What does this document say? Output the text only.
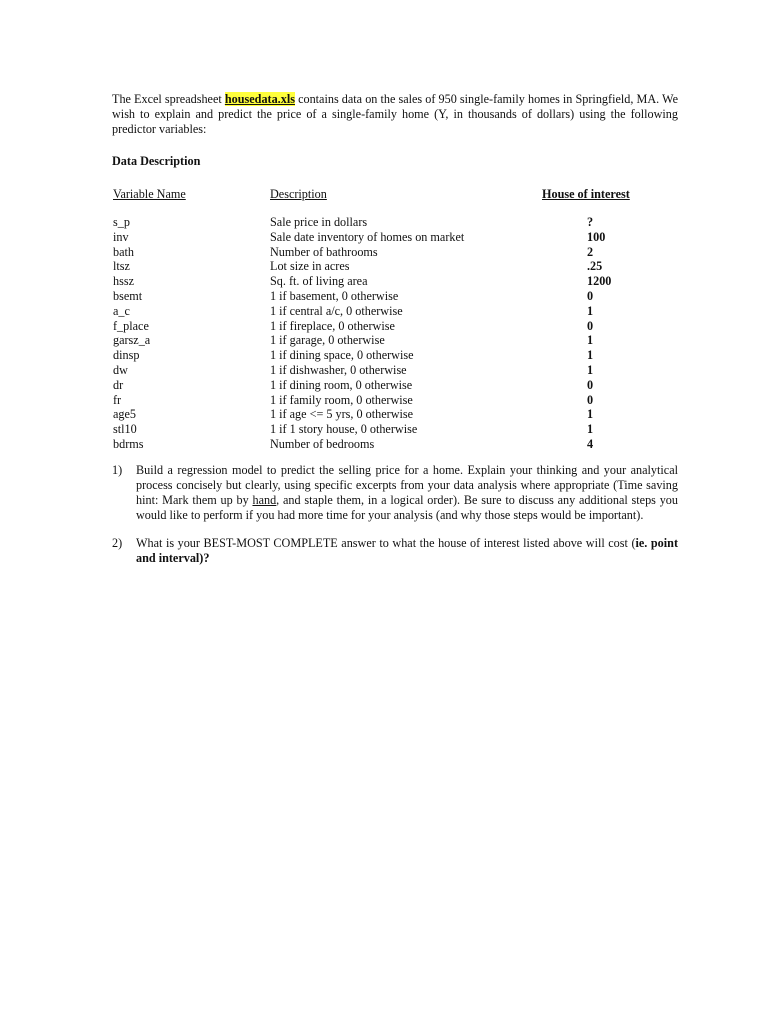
The Excel spreadsheet housedata.xls contains data on the sales of 950 single-family homes in Springfield, MA. We wish to explain and predict the price of a single-family home (Y, in thousands of dollars) using the following predictor variables:

Data Description
Variable Name	Description	House of interest
s_p	Sale price in dollars	?
inv	Sale date inventory of homes on market	100
bath	Number of bathrooms	2
ltsz	Lot size in acres	.25
hssz	Sq. ft. of living area	1200
bsemt	1 if basement, 0 otherwise	0
a_c	1 if central a/c, 0 otherwise	1
f_place	1 if fireplace, 0 otherwise	0
garsz_a	1 if garage, 0 otherwise	1
dinsp	1 if dining space, 0 otherwise	1
dw	1 if dishwasher, 0 otherwise	1
dr	1 if dining room, 0 otherwise	0
fr	1 if family room, 0 otherwise	0
age5	1 if age <= 5 yrs, 0 otherwise	1
stl10	1 if 1 story house, 0 otherwise	1
bdrms	Number of bedrooms	4
1) Build a regression model to predict the selling price for a home. Explain your thinking and your analytical process concisely but clearly, using specific excerpts from your data analysis where appropriate (Time saving hint: Mark them up by hand, and staple them, in a logical order). Be sure to discuss any additional steps you would like to perform if you had more time for your analysis (and why those steps would be important).
2) What is your BEST-MOST COMPLETE answer to what the house of interest listed above will cost (ie. point and interval)?
